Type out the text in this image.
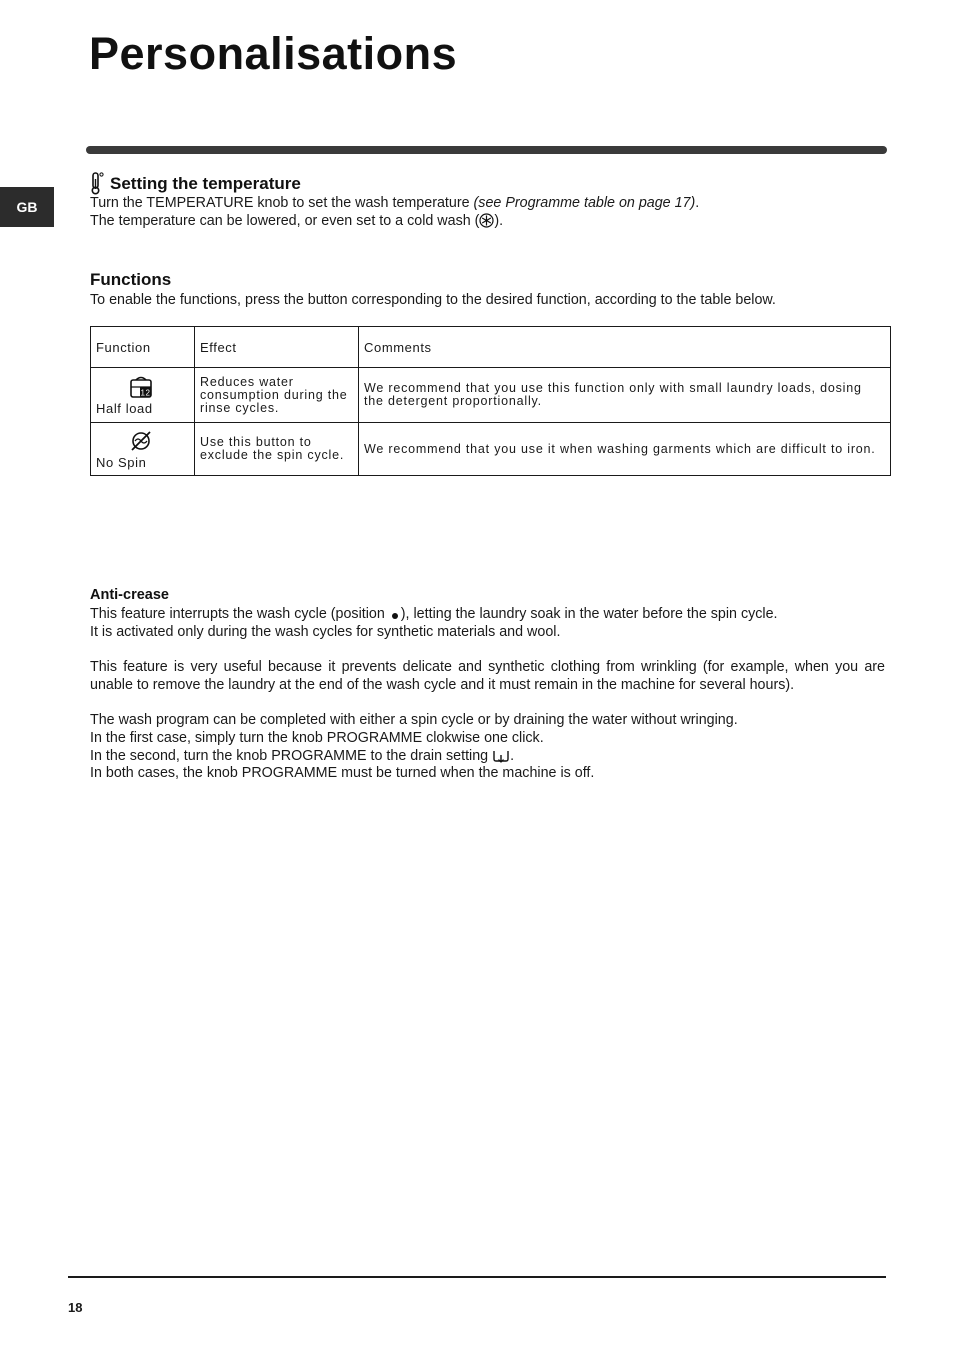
Personalisations
GB
Setting the temperature

Turn the TEMPERATURE knob to set the wash temperature (see Programme table on page 17).

The temperature can be lowered, or even set to a cold wash ( ).

Functions

To enable the functions, press the button corresponding to the desired function, according to the table below.

Function	Effect	Comments

12
Half load	Reduces water consumption during the rinse cycles.	We recommend that you use this function only with small laundry loads, dosing the detergent proportionally.

No Spin	Use this button to exclude the spin cycle.	We recommend that you use it when washing garments which are difficult to iron.
Anti-crease

This feature interrupts the wash cycle (position ), letting the laundry soak in the water before the spin cycle.

It is activated only during the wash cycles for synthetic materials and wool.

This feature is very useful because it prevents delicate and synthetic clothing from wrinkling (for example, when you are unable to remove the laundry at the end of the wash cycle and it must remain in the machine for several hours).

The wash program can be completed with either a spin cycle or by draining the water without wringing.

In the first case, simply turn the knob PROGRAMME clokwise one click.

In the second, turn the knob PROGRAMME to the drain setting .

In both cases, the knob PROGRAMME must be turned when the machine is off.

18
